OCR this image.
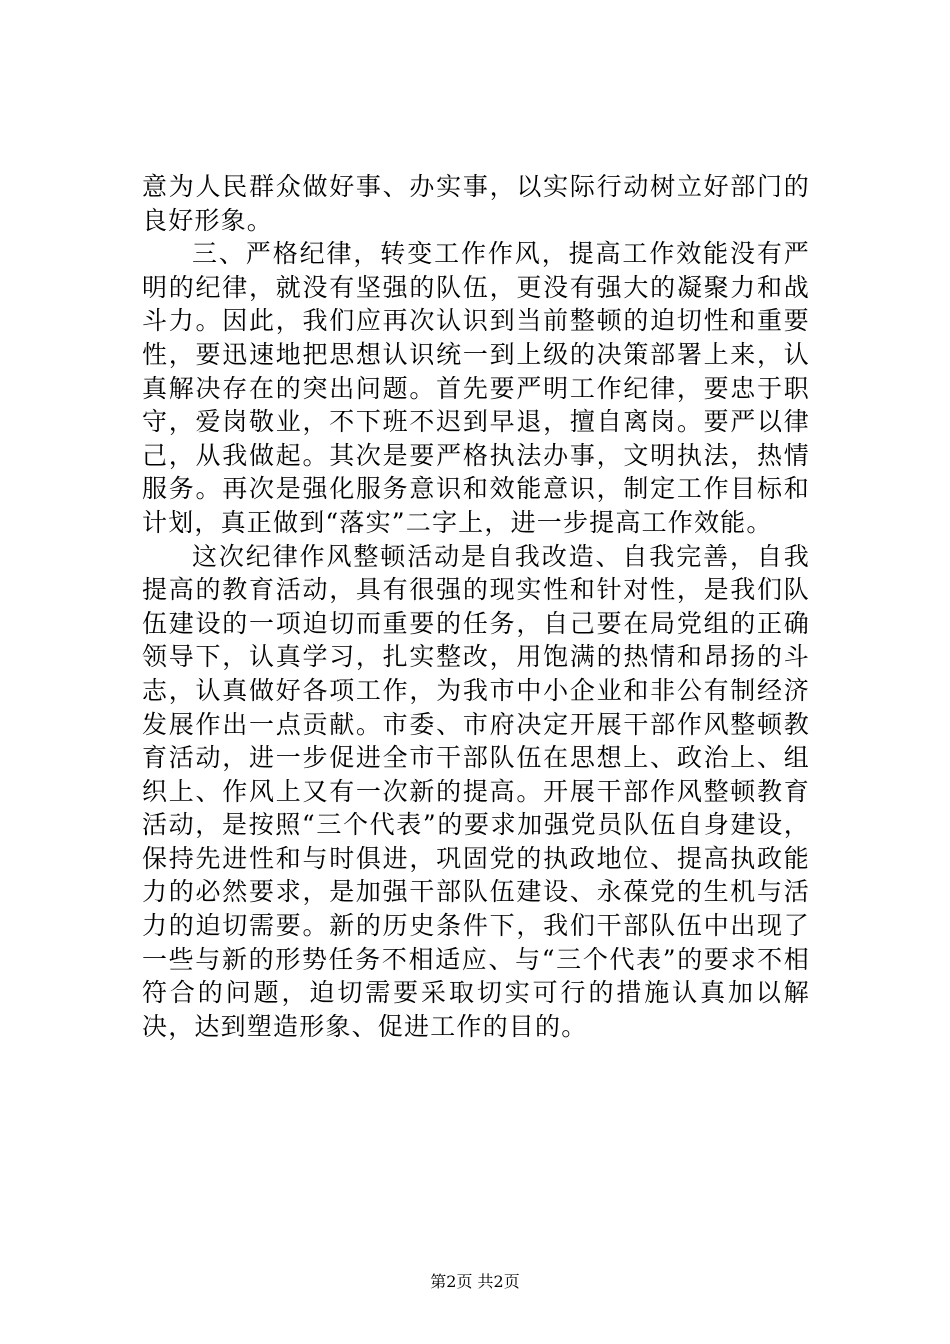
意为人民群众做好事、办实事，以实际行动树立好部门的良好形象。

三、严格纪律，转变工作作风，提高工作效能没有严明的纪律，就没有坚强的队伍，更没有强大的凝聚力和战斗力。因此，我们应再次认识到当前整顿的迫切性和重要性，要迅速地把思想认识统一到上级的决策部署上来，认真解决存在的突出问题。首先要严明工作纪律，要忠于职守，爱岗敬业，不下班不迟到早退，擅自离岗。要严以律己，从我做起。其次是要严格执法办事，文明执法，热情服务。再次是强化服务意识和效能意识，制定工作目标和计划，真正做到“落实”二字上，进一步提高工作效能。

这次纪律作风整顿活动是自我改造、自我完善，自我提高的教育活动，具有很强的现实性和针对性，是我们队伍建设的一项迫切而重要的任务，自己要在局党组的正确领导下，认真学习，扎实整改，用饱满的热情和昂扬的斗志，认真做好各项工作，为我市中小企业和非公有制经济发展作出一点贡献。市委、市府决定开展干部作风整顿教育活动，进一步促进全市干部队伍在思想上、政治上、组织上、作风上又有一次新的提高。开展干部作风整顿教育活动，是按照“三个代表”的要求加强党员队伍自身建设，保持先进性和与时俱进，巩固党的执政地位、提高执政能力的必然要求，是加强干部队伍建设、永葆党的生机与活力的迫切需要。新的历史条件下，我们干部队伍中出现了一些与新的形势任务不相适应、与“三个代表”的要求不相符合的问题，迫切需要采取切实可行的措施认真加以解决，达到塑造形象、促进工作的目的。

第2页 共2页
